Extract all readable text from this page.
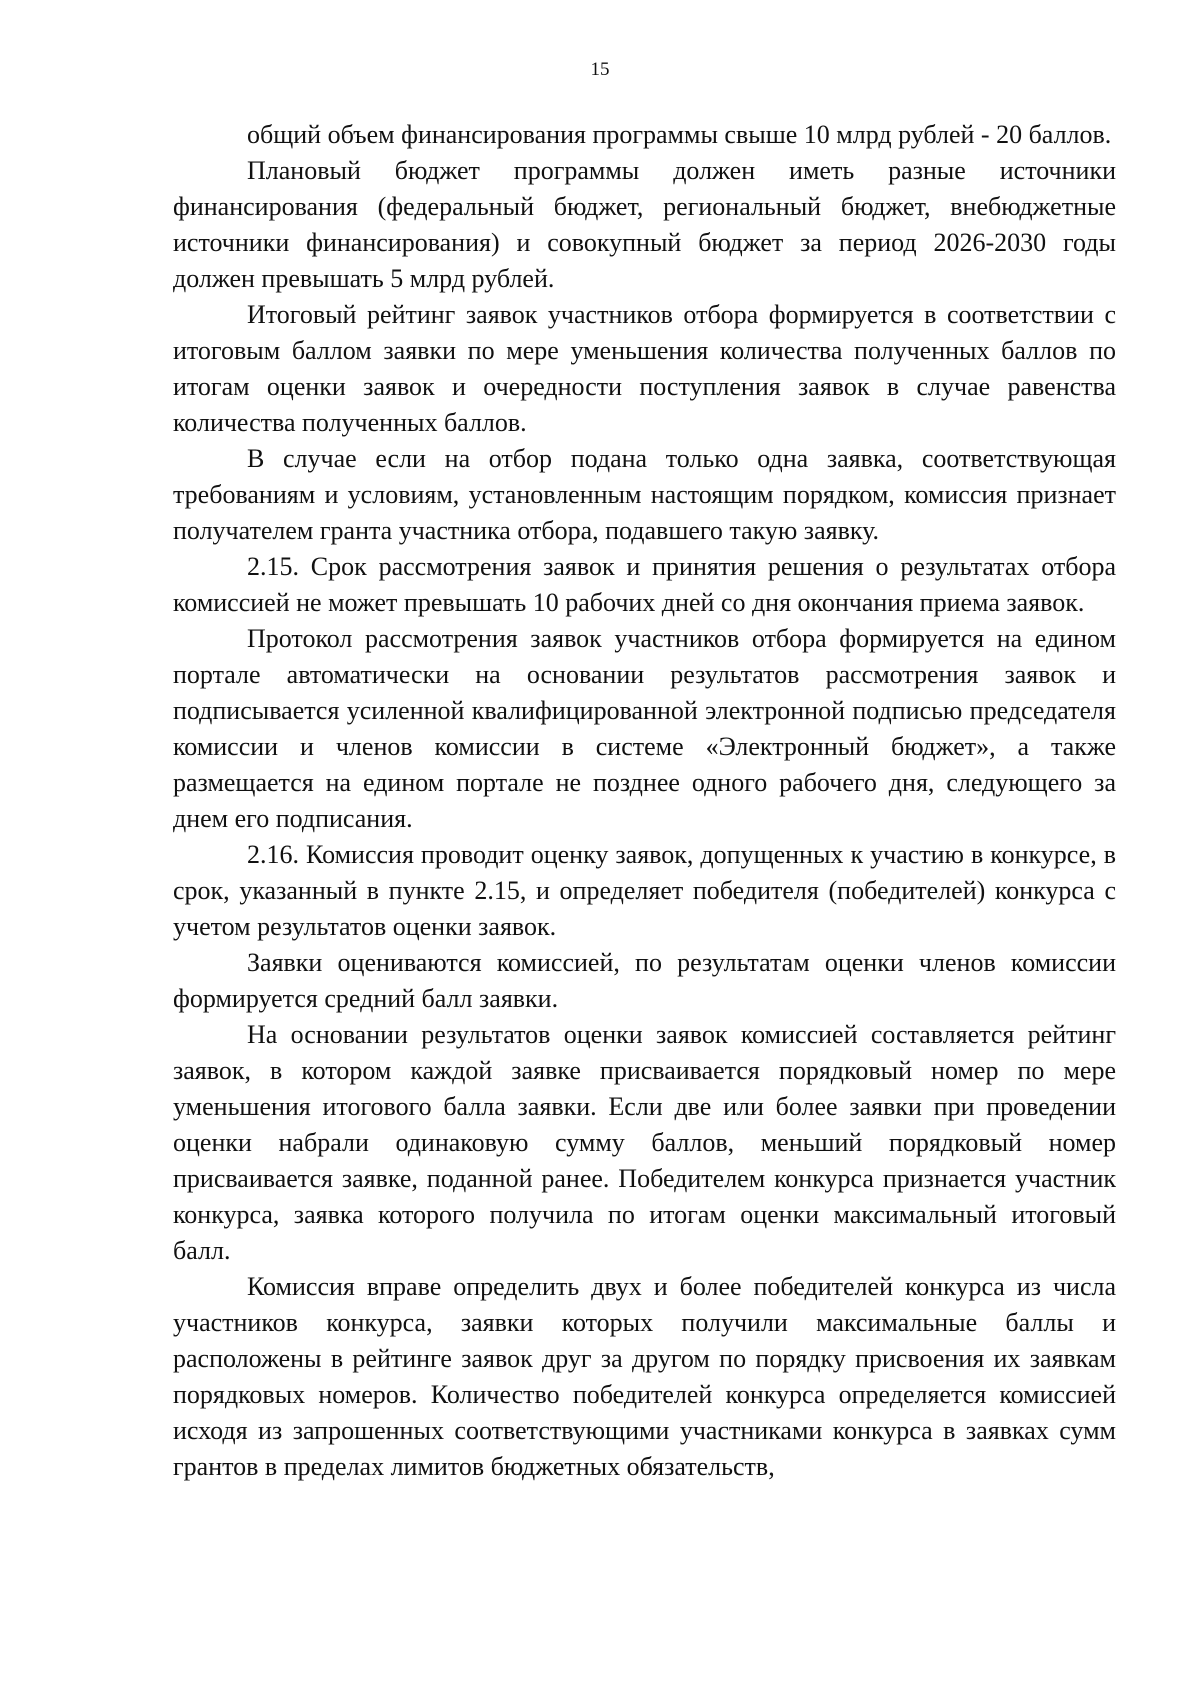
15

общий объем финансирования программы свыше 10 млрд рублей - 20 баллов.

Плановый бюджет программы должен иметь разные источники финансирования (федеральный бюджет, региональный бюджет, внебюджетные источники финансирования) и совокупный бюджет за период 2026-2030 годы должен превышать 5 млрд рублей.

Итоговый рейтинг заявок участников отбора формируется в соответствии с итоговым баллом заявки по мере уменьшения количества полученных баллов по итогам оценки заявок и очередности поступления заявок в случае равенства количества полученных баллов.

В случае если на отбор подана только одна заявка, соответствующая требованиям и условиям, установленным настоящим порядком, комиссия признает получателем гранта участника отбора, подавшего такую заявку.

2.15. Срок рассмотрения заявок и принятия решения о результатах отбора комиссией не может превышать 10 рабочих дней со дня окончания приема заявок.

Протокол рассмотрения заявок участников отбора формируется на едином портале автоматически на основании результатов рассмотрения заявок и подписывается усиленной квалифицированной электронной подписью председателя комиссии и членов комиссии в системе «Электронный бюджет», а также размещается на едином портале не позднее одного рабочего дня, следующего за днем его подписания.

2.16. Комиссия проводит оценку заявок, допущенных к участию в конкурсе, в срок, указанный в пункте 2.15, и определяет победителя (победителей) конкурса с учетом результатов оценки заявок.

Заявки оцениваются комиссией, по результатам оценки членов комиссии формируется средний балл заявки.

На основании результатов оценки заявок комиссией составляется рейтинг заявок, в котором каждой заявке присваивается порядковый номер по мере уменьшения итогового балла заявки. Если две или более заявки при проведении оценки набрали одинаковую сумму баллов, меньший порядковый номер присваивается заявке, поданной ранее. Победителем конкурса признается участник конкурса, заявка которого получила по итогам оценки максимальный итоговый балл.

Комиссия вправе определить двух и более победителей конкурса из числа участников конкурса, заявки которых получили максимальные баллы и расположены в рейтинге заявок друг за другом по порядку присвоения их заявкам порядковых номеров. Количество победителей конкурса определяется комиссией исходя из запрошенных соответствующими участниками конкурса в заявках сумм грантов в пределах лимитов бюджетных обязательств,
